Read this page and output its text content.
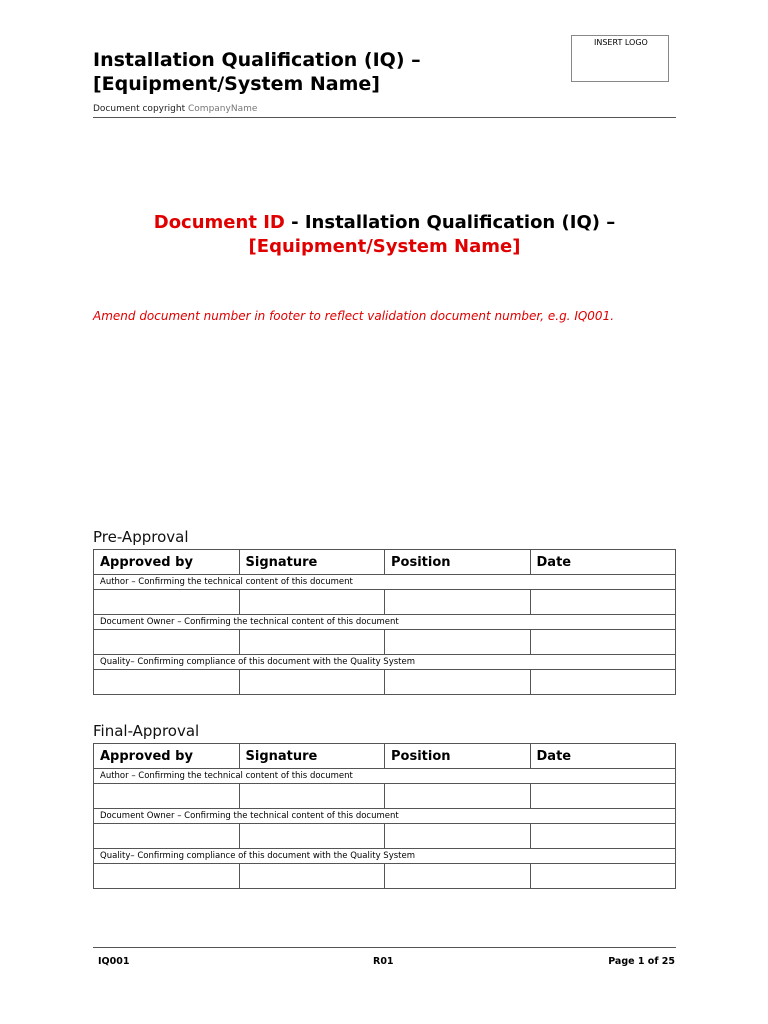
Installation Qualification (IQ) –
[Equipment/System Name]
INSERT LOGO
Document copyright CompanyName
Document ID - Installation Qualification (IQ) –
[Equipment/System Name]
Amend document number in footer to reflect validation document number, e.g. IQ001.
Pre-Approval
Approved by	Signature	Position	Date
Author – Confirming the technical content of this document			

Document Owner – Confirming the technical content of this document			

Quality– Confirming compliance of this document with the Quality System			

Final-Approval
Approved by	Signature	Position	Date
Author – Confirming the technical content of this document			

Document Owner – Confirming the technical content of this document			

Quality– Confirming compliance of this document with the Quality System			

IQ001	R01	Page 1 of 25
